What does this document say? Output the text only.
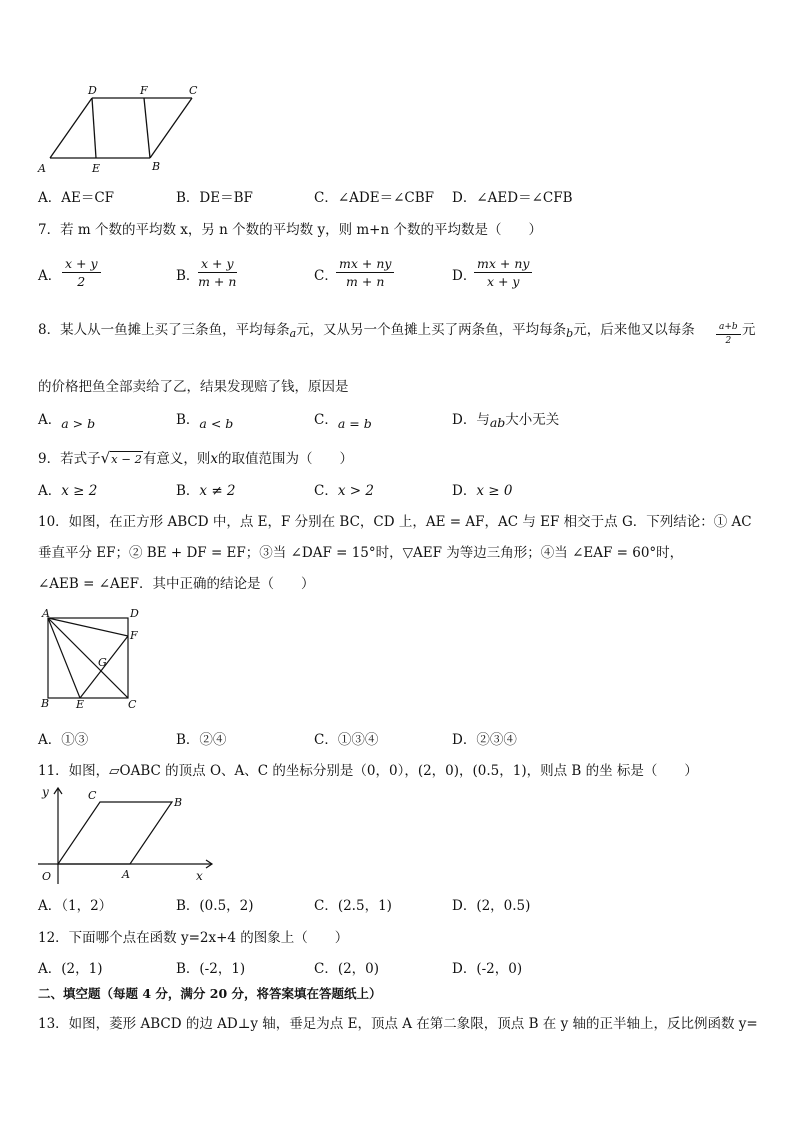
D	F	C
A	E	B
A．AE＝CF	B．DE＝BF	C．∠ADE＝∠CBF D．∠AED＝∠CFB
7．若 m 个数的平均数 x，另 n 个数的平均数 y，则 m+n 个数的平均数是（　　）
A． $\frac{x + y}{2}$	B．
$\frac{x + y}{m + n}$	C．
$\frac{mx + ny}{m + n}$	D．
$\frac{mx + ny}{x + y}$
8．某人从一鱼摊上买了三条鱼，平均每条$_a$元，又从另一个鱼摊上买了两条鱼，平均每条$_b$元，后来他又以每条 $\frac{a+b}{2}$ 元
的价格把鱼全部卖给了乙，结果发现赔了钱，原因是
A．a > b	B．a < b	C．a = b	D．与ab大小无关
9．若式子√x − 2有意义，则x的取值范围为（　　）
A．x ≥ 2	B．x ≠ 2	C．x > 2	D．x ≥ 0
10．如图，在正方形 ABCD 中，点 E，F 分别在 BC，CD 上，AE = AF，AC 与 EF 相交于点 G．下列结论：① AC
垂直平分 EF；② BE + DF = EF；③当 ∠DAF = 15°时，▽AEF 为等边三角形；④当 ∠EAF = 60°时，
∠AEB = ∠AEF．其中正确的结论是（　　）
A	D
F
G
B E	C
A．①③	B．②④	C．①③④	D．②③④
11．如图，▱OABC 的顶点 O、A、C 的坐标分别是（0，0），(2，0)，(0.5，1)，则点 B 的坐 标是（　　）
y	C
B
O	A	x
A．（1，2）	B．(0.5，2)	C．(2.5，1)	D．(2，0.5)
12．下面哪个点在函数 y=2x+4 的图象上（　　）
A．(2，1)	B．(-2，1)	C．(2，0)	D．(-2，0)
二、填空题（每题 4 分，满分 20 分，将答案填在答题纸上）
13．如图，菱形 ABCD 的边 AD⊥y 轴，垂足为点 E，顶点 A 在第二象限，顶点 B 在 y 轴的正半轴上，反比例函数 y=
